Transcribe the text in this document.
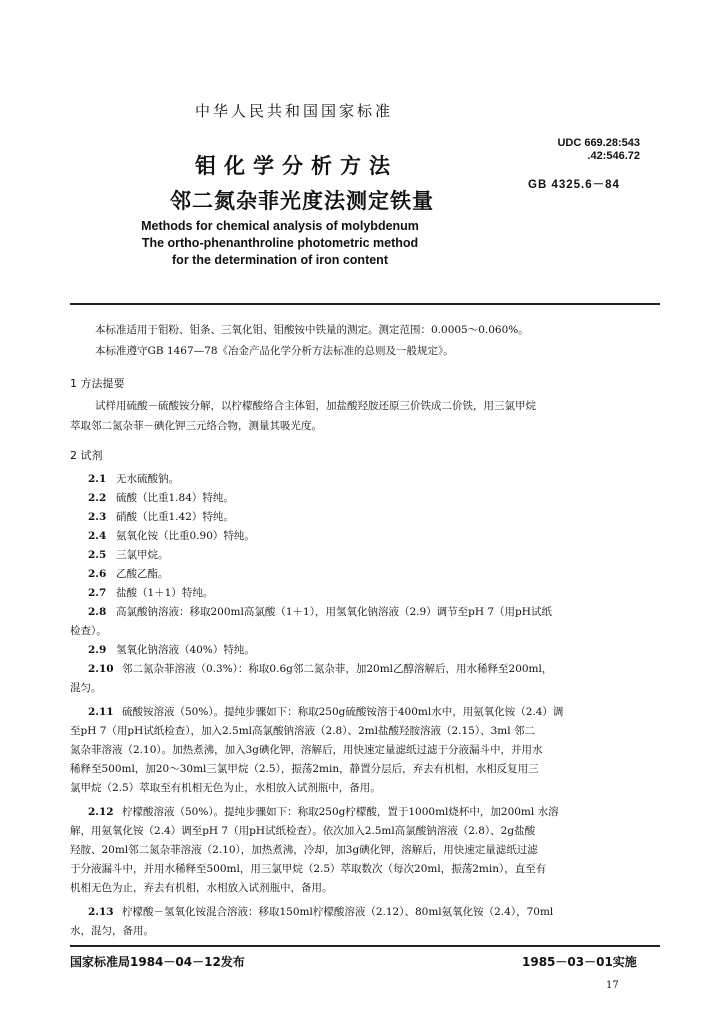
中华人民共和国国家标准
钼化学分析方法
邻二氮杂菲光度法测定铁量
UDC 669.28:543
.42:546.72
GB 4325.6－84
Methods for chemical analysis of molybdenum
The ortho-phenanthroline photometric method
for the determination of iron content
本标准适用于钼粉、钼条、三氧化钼、钼酸铵中铁量的测定。测定范围：0.0005～0.060%。
本标准遵守GB 1467—78《冶金产品化学分析方法标准的总则及一般规定》。
1 方法提要
试样用硫酸－硫酸铵分解，以柠檬酸络合主体钼，加盐酸羟胺还原三价铁成二价铁，用三氯甲烷
萃取邻二氮杂菲－碘化钾三元络合物，测量其吸光度。
2 试剂
2.1 无水硫酸钠。
2.2 硫酸（比重1.84）特纯。
2.3 硝酸（比重1.42）特纯。
2.4 氨氧化铵（比重0.90）特纯。
2.5 三氯甲烷。
2.6 乙酸乙酯。
2.7 盐酸（1＋1）特纯。
2.8 高氯酸钠溶液：移取200ml高氯酸（1＋1），用氢氧化钠溶液（2.9）调节至pH 7（用pH试纸
检查）。
2.9 氢氧化钠溶液（40%）特纯。
2.10 邻二氮杂菲溶液（0.3%）：称取0.6g邻二氮杂菲，加20ml乙醇溶解后，用水稀释至200ml，
混匀。
2.11 硫酸铵溶液（50%）。提纯步骤如下：称取250g硫酸铵溶于400ml水中，用氨氧化铵（2.4）调
至pH 7（用pH试纸检查），加入2.5ml高氯酸钠溶液（2.8）、2ml盐酸羟胺溶液（2.15）、3ml 邻二
氮杂菲溶液（2.10）。加热煮沸，加入3g碘化钾，溶解后，用快速定量滤纸过滤于分液漏斗中，并用水
稀释至500ml，加20～30ml三氯甲烷（2.5），振荡2min，静置分层后，弃去有机相，水相反复用三
氯甲烷（2.5）萃取至有机相无色为止，水相放入试剂瓶中，备用。
2.12 柠檬酸溶液（50%）。提纯步骤如下：称取250g柠檬酸，置于1000ml烧杯中，加200ml 水溶
解，用氨氧化铵（2.4）调至pH 7（用pH试纸检查）。依次加入2.5ml高氯酸钠溶液（2.8）、2g盐酸
羟胺、20ml邻二氮杂菲溶液（2.10），加热煮沸，冷却，加3g碘化钾，溶解后，用快速定量滤纸过滤
于分液漏斗中，并用水稀释至500ml，用三氯甲烷（2.5）萃取数次（每次20ml，振荡2min），直至有
机相无色为止，弃去有机相，水相放入试剂瓶中，备用。
2.13 柠檬酸－氢氧化铵混合溶液：移取150ml柠檬酸溶液（2.12）、80ml氨氧化铵（2.4），70ml
水，混匀，备用。
国家标准局1984－04－12发布	1985－03－01实施
17
